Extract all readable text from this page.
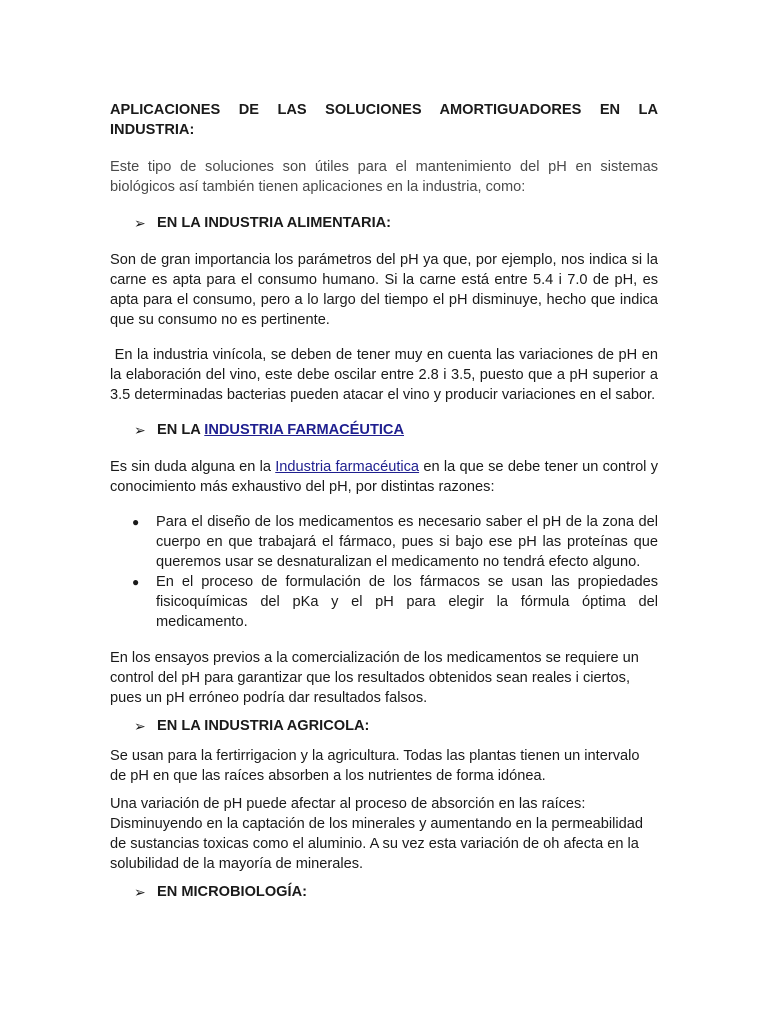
APLICACIONES DE LAS SOLUCIONES AMORTIGUADORES EN LA INDUSTRIA:

Este tipo de soluciones son útiles para el mantenimiento del pH en sistemas biológicos así también tienen aplicaciones en la industria, como:

➢ EN LA INDUSTRIA ALIMENTARIA:

Son de gran importancia los parámetros del pH ya que, por ejemplo, nos indica si la carne es apta para el consumo humano. Si la carne está entre 5.4 i 7.0 de pH, es apta para el consumo, pero a lo largo del tiempo el pH disminuye, hecho que indica que su consumo no es pertinente.

En la industria vinícola, se deben de tener muy en cuenta las variaciones de pH en la elaboración del vino, este debe oscilar entre 2.8 i 3.5, puesto que a pH superior a 3.5 determinadas bacterias pueden atacar el vino y producir variaciones en el sabor.

➢ EN LA INDUSTRIA FARMACÉUTICA

Es sin duda alguna en la Industria farmacéutica en la que se debe tener un control y conocimiento más exhaustivo del pH, por distintas razones:

● Para el diseño de los medicamentos es necesario saber el pH de la zona del cuerpo en que trabajará el fármaco, pues si bajo ese pH las proteínas que queremos usar se desnaturalizan el medicamento no tendrá efecto alguno.
● En el proceso de formulación de los fármacos se usan las propiedades fisicoquímicas del pKa y el pH para elegir la fórmula óptima del medicamento.

En los ensayos previos a la comercialización de los medicamentos se requiere un control del pH para garantizar que los resultados obtenidos sean reales i ciertos, pues un pH erróneo podría dar resultados falsos.

➢ EN LA INDUSTRIA AGRICOLA:

Se usan para la fertirrigacion y la agricultura. Todas las plantas tienen un intervalo de pH en que las raíces absorben a los nutrientes de forma idónea.

Una variación de pH puede afectar al proceso de absorción en las raíces: Disminuyendo en la captación de los minerales y aumentando en la permeabilidad de sustancias toxicas como el aluminio. A su vez esta variación de oh afecta en la solubilidad de la mayoría de minerales.

➢ EN MICROBIOLOGÍA:
